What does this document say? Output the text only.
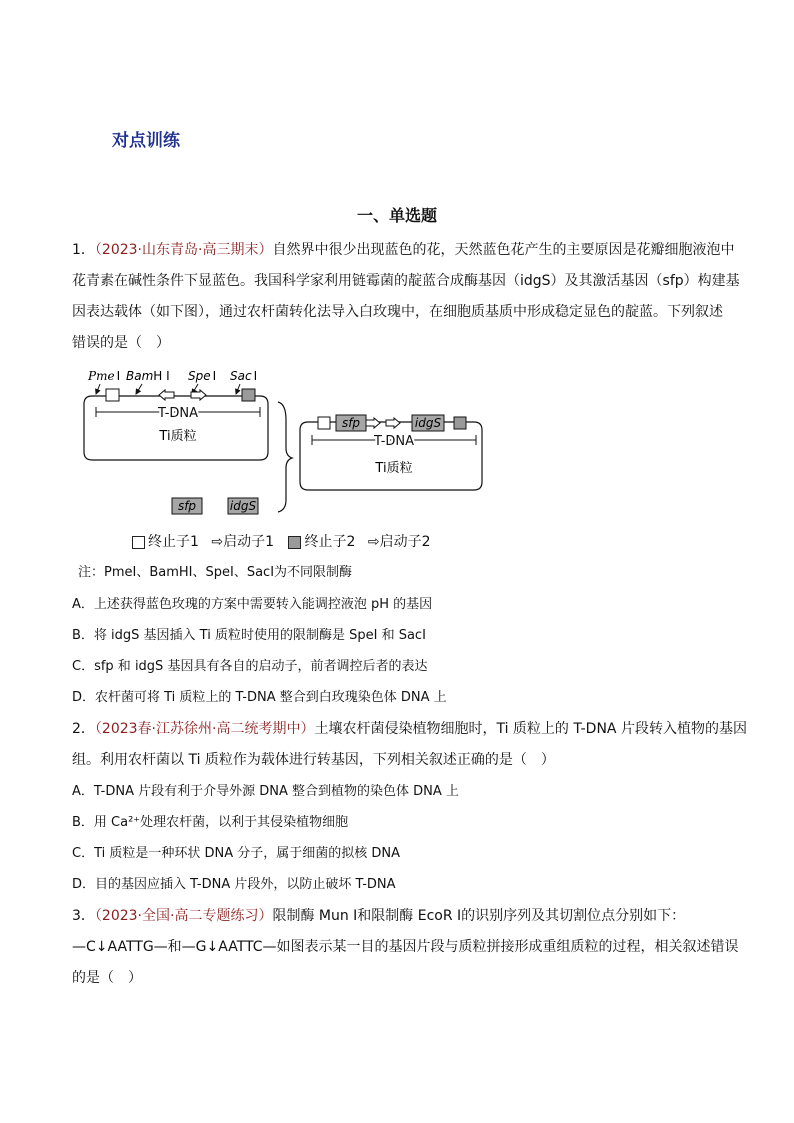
对点训练
一、单选题
1．（2023·山东青岛·高三期末）自然界中很少出现蓝色的花，天然蓝色花产生的主要原因是花瓣细胞液泡中
花青素在碱性条件下显蓝色。我国科学家利用链霉菌的靛蓝合成酶基因（idgS）及其激活基因（sfp）构建基
因表达载体（如下图），通过农杆菌转化法导入白玫瑰中，在细胞质基质中形成稳定显色的靛蓝。下列叙述
错误的是（　）
Pme I BamH I Spe I Sac I
T-DNA
Ti质粒
sfp	idgS
sfp	idgS
T-DNA
Ti质粒
终止子1 ⇨启动子1 终止子2 ⇨启动子2
注：PmeⅠ、BamHⅠ、SpeⅠ、SacⅠ为不同限制酶
A．上述获得蓝色玫瑰的方案中需要转入能调控液泡 pH 的基因
B．将 idgS 基因插入 Ti 质粒时使用的限制酶是 SpeI 和 SacI
C．sfp 和 idgS 基因具有各自的启动子，前者调控后者的表达
D．农杆菌可将 Ti 质粒上的 T-DNA 整合到白玫瑰染色体 DNA 上
2．（2023春·江苏徐州·高二统考期中）土壤农杆菌侵染植物细胞时，Ti 质粒上的 T-DNA 片段转入植物的基因
组。利用农杆菌以 Ti 质粒作为载体进行转基因，下列相关叙述正确的是（　）
A．T-DNA 片段有利于介导外源 DNA 整合到植物的染色体 DNA 上
B．用 Ca²⁺处理农杆菌，以利于其侵染植物细胞
C．Ti 质粒是一种环状 DNA 分子，属于细菌的拟核 DNA
D．目的基因应插入 T-DNA 片段外，以防止破坏 T-DNA
3．（2023·全国·高二专题练习）限制酶 Mun Ⅰ和限制酶 EcoR Ⅰ的识别序列及其切割位点分别如下：
—C↓AATTG—和—G↓AATTC—如图表示某一目的基因片段与质粒拼接形成重组质粒的过程，相关叙述错误
的是（　）
